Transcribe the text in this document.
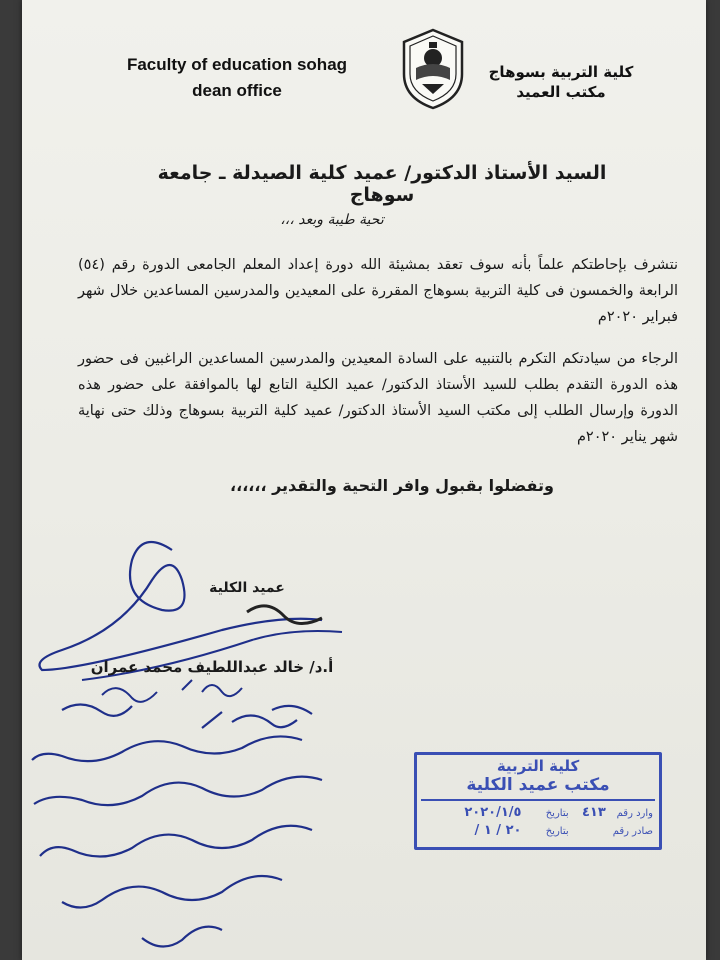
Faculty of education sohag
dean office
كلية التربية بسوهاج
مكتب العميد
السيد الأستاذ الدكتور/ عميد كلية الصيدلة ـ جامعة سوهاج
تحية طيبة وبعد ،،،
نتشرف بإحاطتكم علماً بأنه سوف تعقد بمشيئة الله دورة إعداد المعلم الجامعى الدورة رقم (٥٤) الرابعة والخمسون فى كلية التربية بسوهاج المقررة على المعيدين والمدرسين المساعدين خلال شهر فبراير ٢٠٢٠م
الرجاء من سيادتكم التكرم بالتنبيه على السادة المعيدين والمدرسين المساعدين الراغبين فى حضور هذه الدورة التقدم بطلب للسيد الأستاذ الدكتور/ عميد الكلية التابع لها بالموافقة على حضور هذه الدورة وإرسال الطلب إلى مكتب السيد الأستاذ الدكتور/ عميد كلية التربية بسوهاج وذلك حتى نهاية شهر يناير ٢٠٢٠م
وتفضلوا بقبول وافر التحية والتقدير ،،،،،،
عميد الكلية
أ.د/ خالد عبداللطيف محمد عمران
كلية التربية
مكتب عميد الكلية
وارد رقم ٤١٣ بتاريخ ٢٠٢٠/١/٥
صادر رقم  بتاريخ ٢٠ / ١ /
